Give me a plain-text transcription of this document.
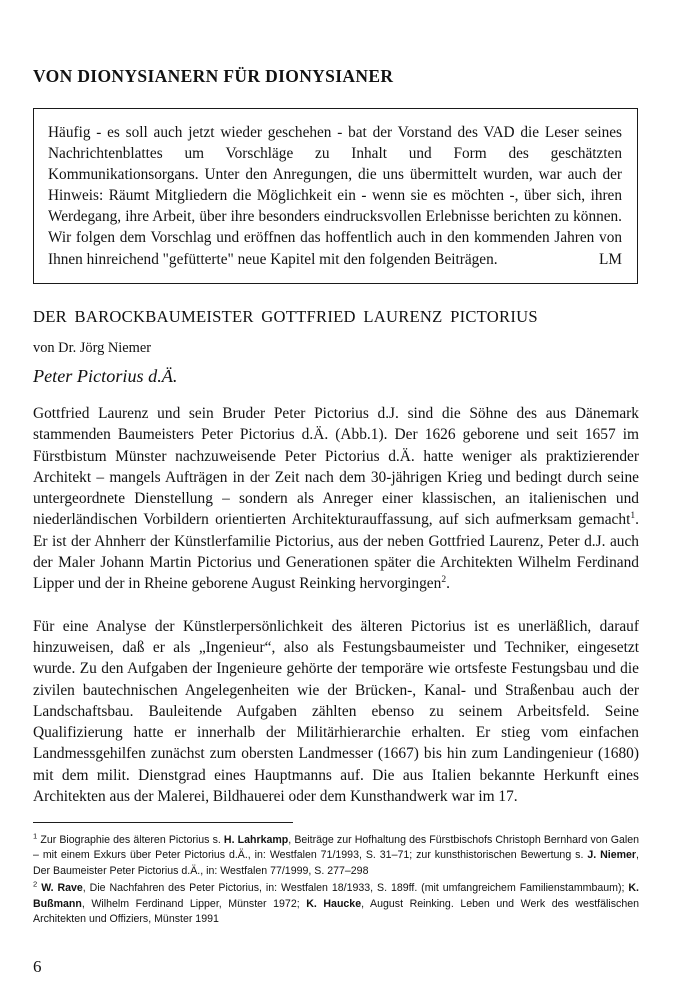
VON DIONYSIANERN FÜR DIONYSIANER

Häufig - es soll auch jetzt wieder geschehen - bat der Vorstand des VAD die Leser seines Nachrichtenblattes um Vorschläge zu Inhalt und Form des geschätzten Kommunikationsorgans. Unter den Anregungen, die uns übermittelt wurden, war auch der Hinweis: Räumt Mitgliedern die Möglichkeit ein - wenn sie es möchten -, über sich, ihren Werdegang, ihre Arbeit, über ihre besonders eindrucksvollen Erlebnisse berichten zu können. Wir folgen dem Vorschlag und eröffnen das hoffentlich auch in den kommenden Jahren von Ihnen hinreichend "gefütterte" neue Kapitel mit den folgenden Beiträgen.	LM
DER BAROCKBAUMEISTER GOTTFRIED LAURENZ PICTORIUS
von Dr. Jörg Niemer
Peter Pictorius d.Ä.

Gottfried Laurenz und sein Bruder Peter Pictorius d.J. sind die Söhne des aus Dänemark stammenden Baumeisters Peter Pictorius d.Ä. (Abb.1). Der 1626 geborene und seit 1657 im Fürstbistum Münster nachzuweisende Peter Pictorius d.Ä. hatte weniger als praktizierender Architekt – mangels Aufträgen in der Zeit nach dem 30-jährigen Krieg und bedingt durch seine untergeordnete Dienstellung – sondern als Anreger einer klassischen, an italienischen und niederländischen Vorbildern orientierten Architekturauffassung, auf sich aufmerksam gemacht$^1$. Er ist der Ahnherr der Künstlerfamilie Pictorius, aus der neben Gottfried Laurenz, Peter d.J. auch der Maler Johann Martin Pictorius und Generationen später die Architekten Wilhelm Ferdinand Lipper und der in Rheine geborene August Reinking hervorgingen$^2$.

Für eine Analyse der Künstlerpersönlichkeit des älteren Pictorius ist es unerläßlich, darauf hinzuweisen, daß er als „Ingenieur“, also als Festungsbaumeister und Techniker, eingesetzt wurde. Zu den Aufgaben der Ingenieure gehörte der temporäre wie ortsfeste Festungsbau und die zivilen bautechnischen Angelegenheiten wie der Brücken-, Kanal- und Straßenbau auch der Landschaftsbau. Bauleitende Aufgaben zählten ebenso zu seinem Arbeitsfeld. Seine Qualifizierung hatte er innerhalb der Militärhierarchie erhalten. Er stieg vom einfachen Landmessgehilfen zunächst zum obersten Landmesser (1667) bis hin zum Landingenieur (1680) mit dem milit. Dienstgrad eines Hauptmanns auf. Die aus Italien bekannte Herkunft eines Architekten aus der Malerei, Bildhauerei oder dem Kunsthandwerk war im 17.

$^1$ Zur Biographie des älteren Pictorius s. H. Lahrkamp, Beiträge zur Hofhaltung des Fürstbischofs Christoph Bernhard von Galen – mit einem Exkurs über Peter Pictorius d.Ä., in: Westfalen 71/1993, S. 31–71; zur kunsthistorischen Bewertung s. J. Niemer, Der Baumeister Peter Pictorius d.Ä., in: Westfalen 77/1999, S. 277–298

$^2$ W. Rave, Die Nachfahren des Peter Pictorius, in: Westfalen 18/1933, S. 189ff. (mit umfangreichem Familienstammbaum); K. Bußmann, Wilhelm Ferdinand Lipper, Münster 1972; K. Haucke, August Reinking. Leben und Werk des westfälischen Architekten und Offiziers, Münster 1991

6
